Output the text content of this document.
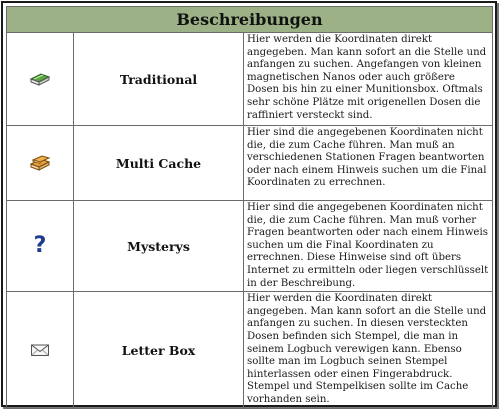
Beschreibungen		

	Traditional	Hier werden die Koordinaten direkt angegeben. Man kann sofort an die Stelle und anfangen zu suchen. Angefangen von kleinen magnetischen Nanos oder auch größere Dosen bis hin zu einer Munitionsbox. Oftmals sehr schöne Plätze mit origenellen Dosen die raffiniert versteckt sind.

	Multi Cache	Hier sind die angegebenen Koordinaten nicht die, die zum Cache führen. Man muß an verschiedenen Stationen Fragen beantworten oder nach einem Hinweis suchen um die Final Koordinaten zu errechnen.
?	Mysterys	Hier sind die angegebenen Koordinaten nicht die, die zum Cache führen. Man muß vorher Fragen beantworten oder nach einem Hinweis suchen um die Final Koordinaten zu errechnen. Diese Hinweise sind oft übers Internet zu ermitteln oder liegen verschlüsselt in der Beschreibung.

	Letter Box	Hier werden die Koordinaten direkt angegeben. Man kann sofort an die Stelle und anfangen zu suchen. In diesen versteckten Dosen befinden sich Stempel, die man in seinem Logbuch verewigen kann. Ebenso sollte man im Logbuch seinen Stempel hinterlassen oder einen Fingerabdruck. Stempel und Stempelkisen sollte im Cache vorhanden sein.
